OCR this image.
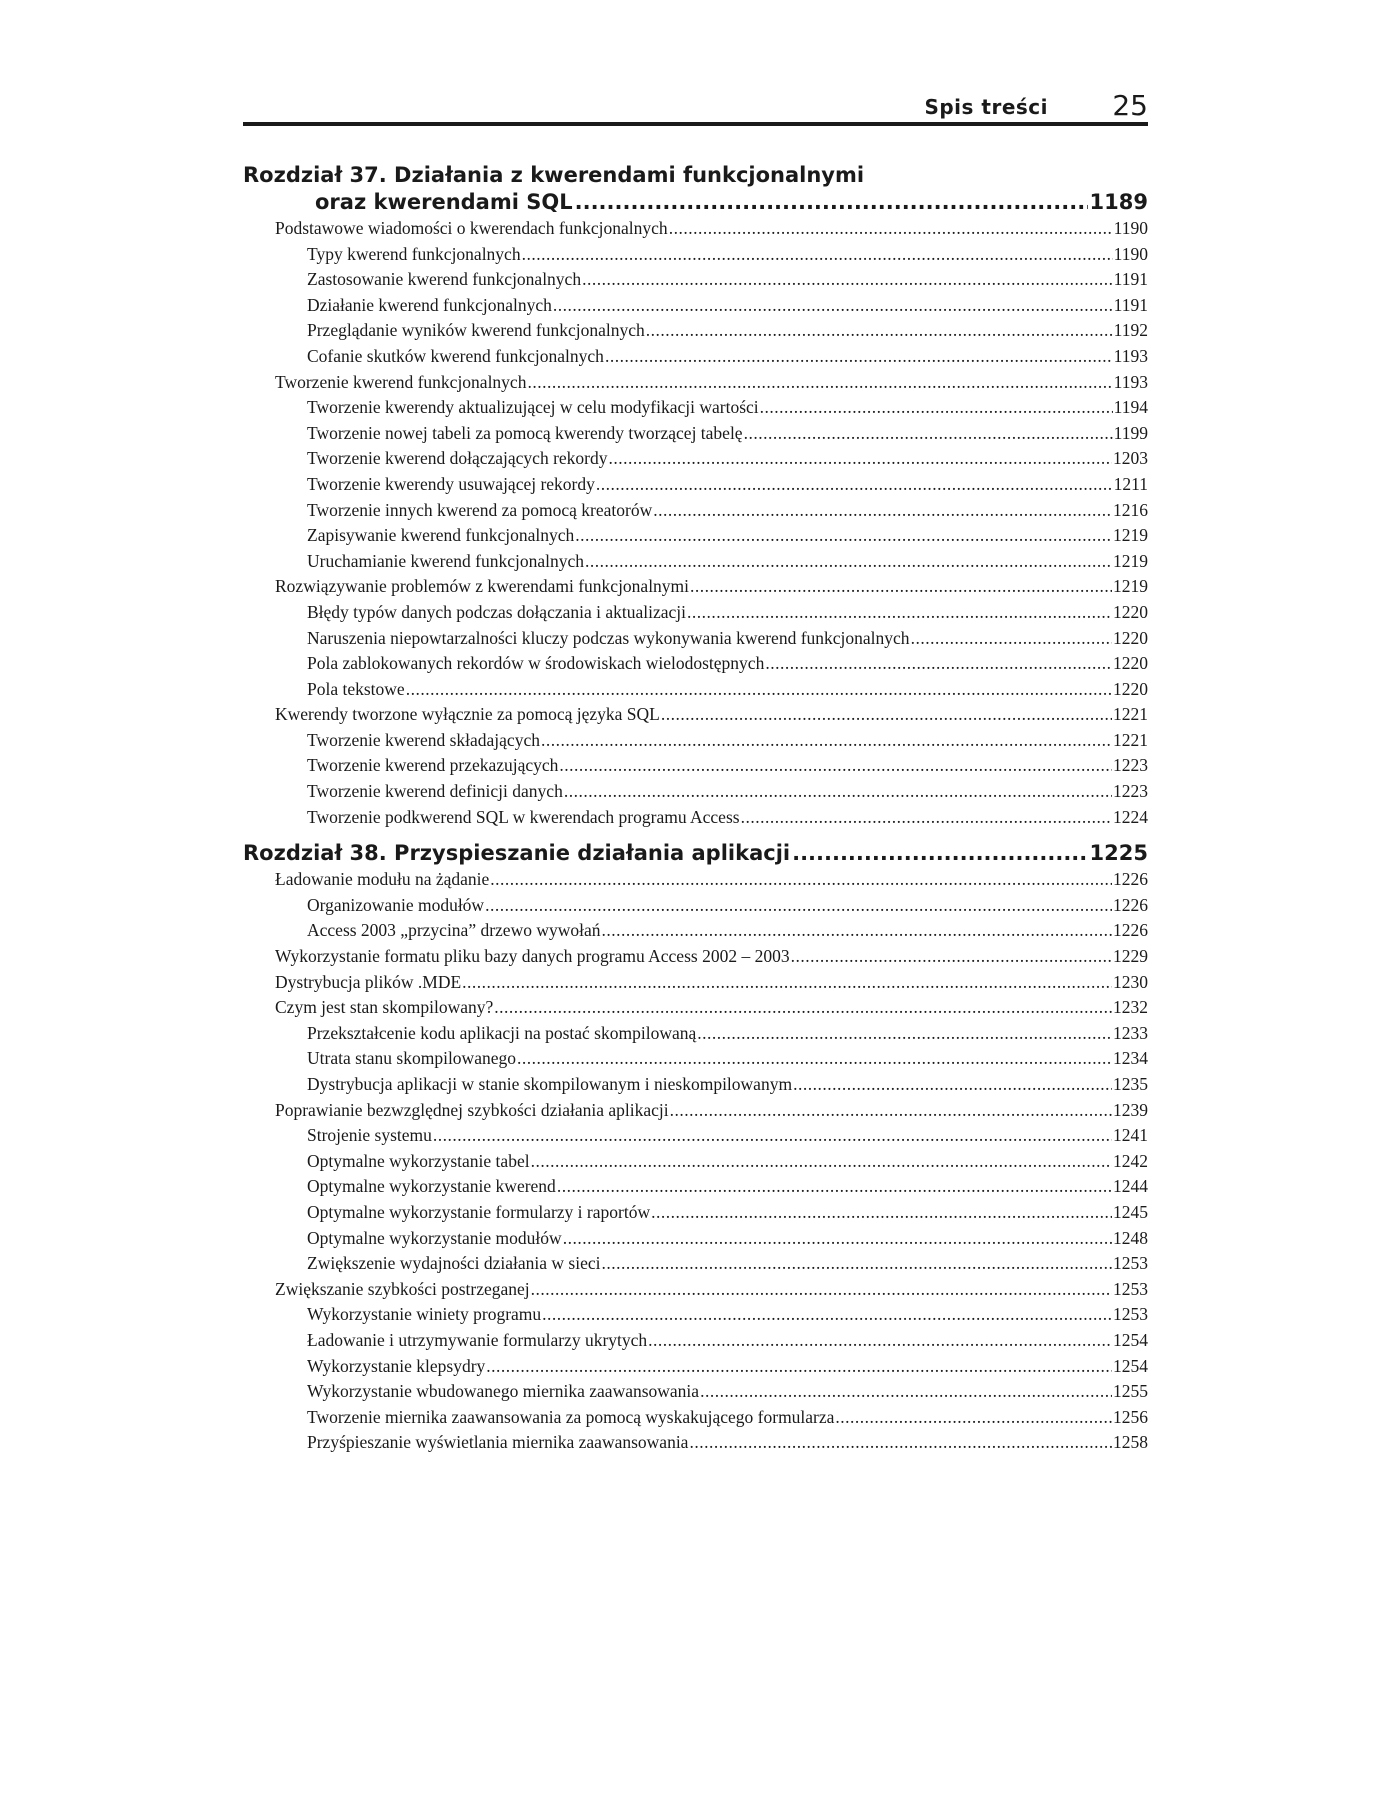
Spis treści 25
Rozdział 37. Działania z kwerendami funkcjonalnymi
oraz kwerendami SQL .....	1189
Podstawowe wiadomości o kwerendach funkcjonalnych .....	1190
Typy kwerend funkcjonalnych .....	1190
Zastosowanie kwerend funkcjonalnych .....	1191
Działanie kwerend funkcjonalnych .....	1191
Przeglądanie wyników kwerend funkcjonalnych .....	1192
Cofanie skutków kwerend funkcjonalnych .....	1193
Tworzenie kwerend funkcjonalnych .....	1193
Tworzenie kwerendy aktualizującej w celu modyfikacji wartości .....	1194
Tworzenie nowej tabeli za pomocą kwerendy tworzącej tabelę .....	1199
Tworzenie kwerend dołączających rekordy .....	1203
Tworzenie kwerendy usuwającej rekordy .....	1211
Tworzenie innych kwerend za pomocą kreatorów .....	1216
Zapisywanie kwerend funkcjonalnych .....	1219
Uruchamianie kwerend funkcjonalnych .....	1219
Rozwiązywanie problemów z kwerendami funkcjonalnymi .....	1219
Błędy typów danych podczas dołączania i aktualizacji .....	1220
Naruszenia niepowtarzalności kluczy podczas wykonywania kwerend funkcjonalnych .....	1220
Pola zablokowanych rekordów w środowiskach wielodostępnych .....	1220
Pola tekstowe .....	1220
Kwerendy tworzone wyłącznie za pomocą języka SQL .....	1221
Tworzenie kwerend składających .....	1221
Tworzenie kwerend przekazujących .....	1223
Tworzenie kwerend definicji danych .....	1223
Tworzenie podkwerend SQL w kwerendach programu Access .....	1224
Rozdział 38. Przyspieszanie działania aplikacji .....	1225
Ładowanie modułu na żądanie .....	1226
Organizowanie modułów .....	1226
Access 2003 „przycina” drzewo wywołań .....	1226
Wykorzystanie formatu pliku bazy danych programu Access 2002 – 2003 .....	1229
Dystrybucja plików .MDE .....	1230
Czym jest stan skompilowany? .....	1232
Przekształcenie kodu aplikacji na postać skompilowaną .....	1233
Utrata stanu skompilowanego .....	1234
Dystrybucja aplikacji w stanie skompilowanym i nieskompilowanym .....	1235
Poprawianie bezwzględnej szybkości działania aplikacji .....	1239
Strojenie systemu .....	1241
Optymalne wykorzystanie tabel .....	1242
Optymalne wykorzystanie kwerend .....	1244
Optymalne wykorzystanie formularzy i raportów .....	1245
Optymalne wykorzystanie modułów .....	1248
Zwiększenie wydajności działania w sieci .....	1253
Zwiększanie szybkości postrzeganej .....	1253
Wykorzystanie winiety programu .....	1253
Ładowanie i utrzymywanie formularzy ukrytych .....	1254
Wykorzystanie klepsydry .....	1254
Wykorzystanie wbudowanego miernika zaawansowania .....	1255
Tworzenie miernika zaawansowania za pomocą wyskakującego formularza .....	1256
Przyśpieszanie wyświetlania miernika zaawansowania .....	1258
